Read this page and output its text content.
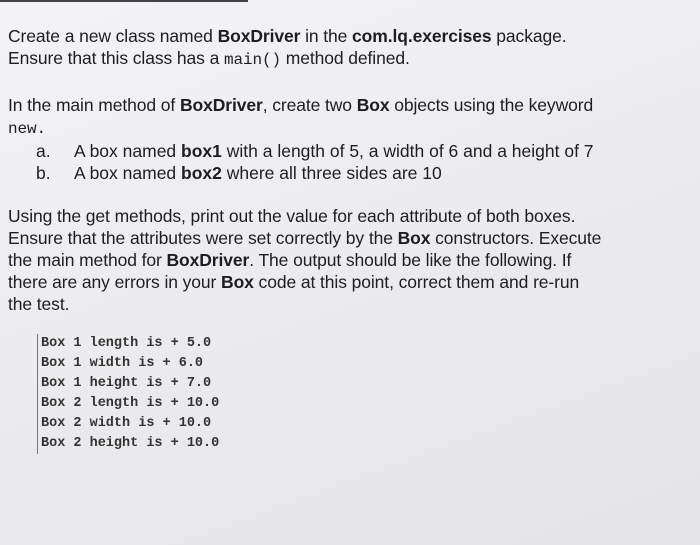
Create a new class named BoxDriver in the com.lq.exercises package.
Ensure that this class has a main() method defined.
In the main method of BoxDriver, create two Box objects using the keyword
new.
a.	A box named box1 with a length of 5, a width of 6 and a height of 7
b.	A box named box2 where all three sides are 10
Using the get methods, print out the value for each attribute of both boxes.
Ensure that the attributes were set correctly by the Box constructors. Execute
the main method for BoxDriver. The output should be like the following. If
there are any errors in your Box code at this point, correct them and re-run
the test.
Box 1 length is + 5.0
Box 1 width is + 6.0
Box 1 height is + 7.0
Box 2 length is + 10.0
Box 2 width is + 10.0
Box 2 height is + 10.0
